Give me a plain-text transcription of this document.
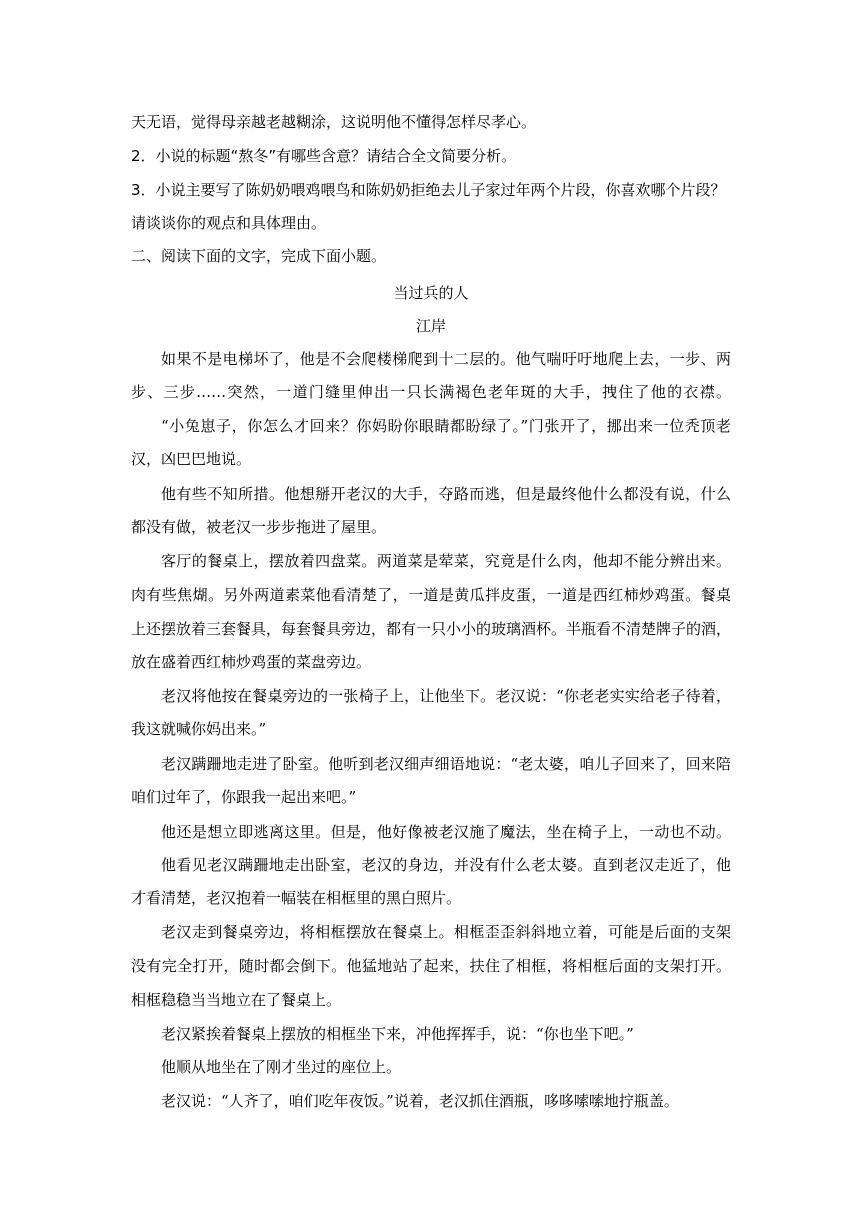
天无语，觉得母亲越老越糊涂，这说明他不懂得怎样尽孝心。
2．小说的标题“熬冬”有哪些含意？请结合全文简要分析。
3．小说主要写了陈奶奶喂鸡喂鸟和陈奶奶拒绝去儿子家过年两个片段，你喜欢哪个片段？
请谈谈你的观点和具体理由。
二、阅读下面的文字，完成下面小题。
当过兵的人
江岸
如果不是电梯坏了，他是不会爬楼梯爬到十二层的。他气喘吁吁地爬上去，一步、两
步、三步……突然，一道门缝里伸出一只长满褐色老年斑的大手，拽住了他的衣襟。
“小兔崽子，你怎么才回来？你妈盼你眼睛都盼绿了。”门张开了，挪出来一位秃顶老
汉，凶巴巴地说。
他有些不知所措。他想掰开老汉的大手，夺路而逃，但是最终他什么都没有说，什么
都没有做，被老汉一步步拖进了屋里。
客厅的餐桌上，摆放着四盘菜。两道菜是荤菜，究竟是什么肉，他却不能分辨出来。
肉有些焦煳。另外两道素菜他看清楚了，一道是黄瓜拌皮蛋，一道是西红柿炒鸡蛋。餐桌
上还摆放着三套餐具，每套餐具旁边，都有一只小小的玻璃酒杯。半瓶看不清楚牌子的酒，
放在盛着西红柿炒鸡蛋的菜盘旁边。
老汉将他按在餐桌旁边的一张椅子上，让他坐下。老汉说：“你老老实实给老子待着，
我这就喊你妈出来。”
老汉蹒跚地走进了卧室。他听到老汉细声细语地说：“老太婆，咱儿子回来了，回来陪
咱们过年了，你跟我一起出来吧。”
他还是想立即逃离这里。但是，他好像被老汉施了魔法，坐在椅子上，一动也不动。
他看见老汉蹒跚地走出卧室，老汉的身边，并没有什么老太婆。直到老汉走近了，他
才看清楚，老汉抱着一幅装在相框里的黑白照片。
老汉走到餐桌旁边，将相框摆放在餐桌上。相框歪歪斜斜地立着，可能是后面的支架
没有完全打开，随时都会倒下。他猛地站了起来，扶住了相框，将相框后面的支架打开。
相框稳稳当当地立在了餐桌上。
老汉紧挨着餐桌上摆放的相框坐下来，冲他挥挥手，说：“你也坐下吧。”
他顺从地坐在了刚才坐过的座位上。
老汉说：“人齐了，咱们吃年夜饭。”说着，老汉抓住酒瓶，哆哆嗦嗦地拧瓶盖。
